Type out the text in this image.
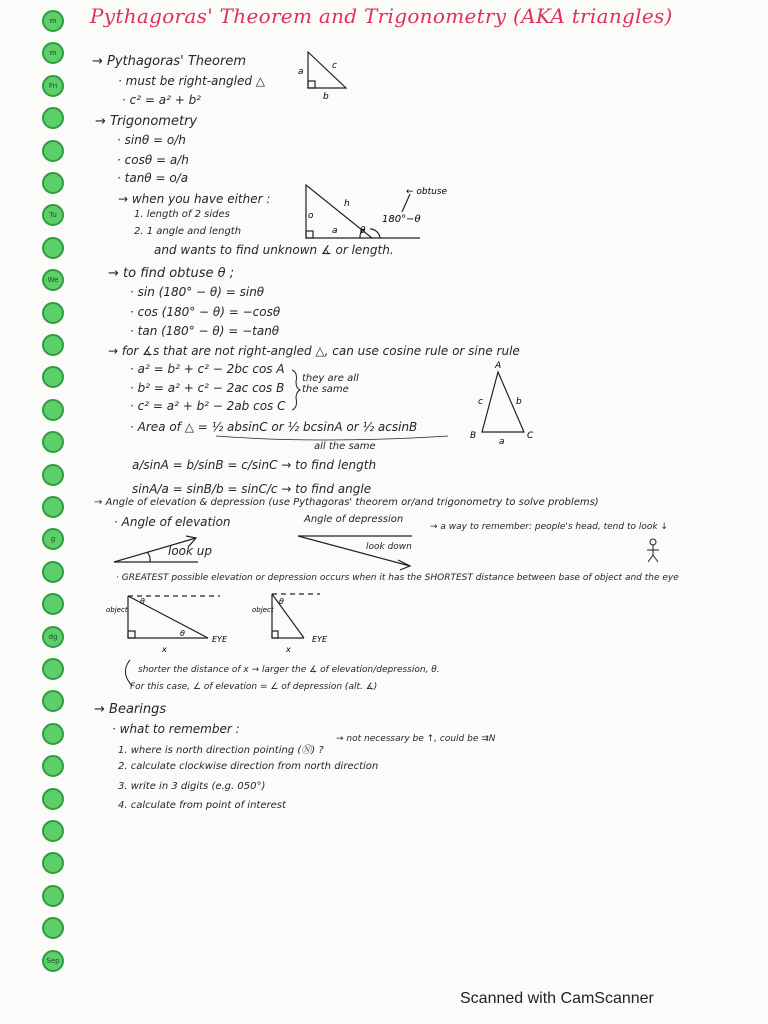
Pythagoras' Theorem and Trigonometry (AKA triangles)
m
m
Fri
Tu
We
g
dg
Sep
→ Pythagoras' Theorem
· must be right-angled △
· c² = a² + b²
→ Trigonometry
· sinθ = o/h
· cosθ = a/h
· tanθ = o/a
→ when you have either :
1. length of 2 sides
2. 1 angle and length
and wants to find unknown ∡ or length.
→ to find obtuse θ ;
· sin (180° − θ) = sinθ
· cos (180° − θ) = −cosθ
· tan (180° − θ) = −tanθ
→ for ∡s that are not right-angled △, can use cosine rule or sine rule
· a² = b² + c² − 2bc cos A
· b² = a² + c² − 2ac cos B
· c² = a² + b² − 2ab cos C
they are all the same
· Area of △ = ½ absinC or ½ bcsinA or ½ acsinB
all the same
a/sinA = b/sinB = c/sinC → to find length
sinA/a = sinB/b = sinC/c → to find angle
→ Angle of elevation & depression (use Pythagoras' theorem or/and trigonometry to solve problems)
· Angle of elevation	Angle of depression
→ a way to remember: people's head, tend to look ↓
look up	look down
· GREATEST possible elevation or depression occurs when it has the SHORTEST distance between base of object and the eye
shorter the distance of x → larger the ∡ of elevation/depression, θ.
For this case, ∠ of elevation = ∠ of depression (alt. ∡)
→ Bearings
· what to remember :
1. where is north direction pointing (Ⓝ) ?
→ not necessary be ↑, could be ⇉N
2. calculate clockwise direction from north direction
3. write in 3 digits (e.g. 050°)
4. calculate from point of interest
a
c
b
o
h
a θ
180°−θ
← obtuse
A
c	b
B
a
C
object
θ
θ
EYE
x
object
θ
EYE
x
Scanned with CamScanner
